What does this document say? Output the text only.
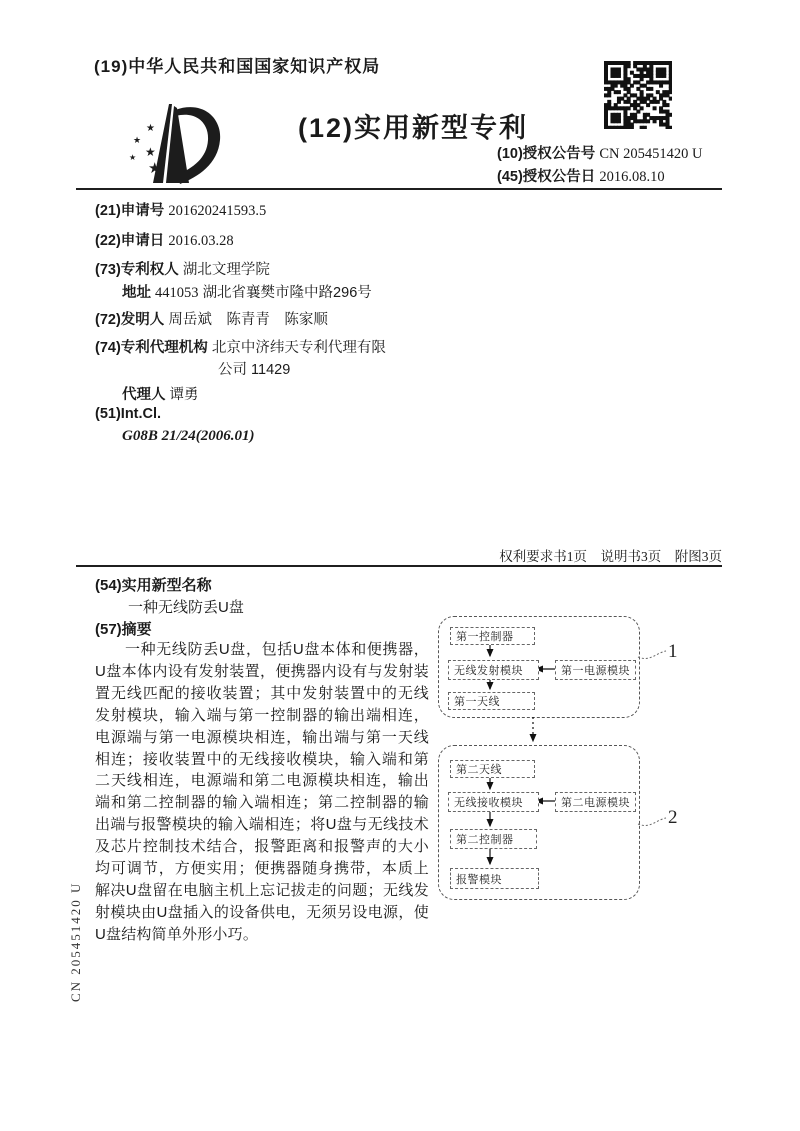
(19)中华人民共和国国家知识产权局
★
★
★
★
★
(12)实用新型专利
(10)授权公告号 CN 205451420 U
(45)授权公告日 2016.08.10
(21)申请号 201620241593.5
(22)申请日 2016.03.28
(73)专利权人 湖北文理学院
地址 441053 湖北省襄樊市隆中路296号
(72)发明人 周岳斌　陈青青　陈家顺
(74)专利代理机构 北京中济纬天专利代理有限
公司 11429
代理人 谭勇
(51)Int.Cl.
G08B 21/24(2006.01)
权利要求书1页　说明书3页　附图3页
(54)实用新型名称
一种无线防丢U盘
(57)摘要

一种无线防丢U盘，包括U盘本体和便携器，U盘本体内设有发射装置，便携器内设有与发射装置无线匹配的接收装置；其中发射装置中的无线发射模块，输入端与第一控制器的输出端相连，电源端与第一电源模块相连，输出端与第一天线相连；接收装置中的无线接收模块，输入端和第二天线相连，电源端和第二电源模块相连，输出端和第二控制器的输入端相连；第二控制器的输出端与报警模块的输入端相连；将U盘与无线技术及芯片控制技术结合，报警距离和报警声的大小均可调节，方便实用；便携器随身携带，本质上解决U盘留在电脑主机上忘记拔走的问题；无线发射模块由U盘插入的设备供电，无须另设电源，使U盘结构简单外形小巧。

第一控制器
无线发射模块	第一电源模块
第一天线
第二天线
无线接收模块	第二电源模块
第二控制器
报警模块
1
2
CN 205451420 U
